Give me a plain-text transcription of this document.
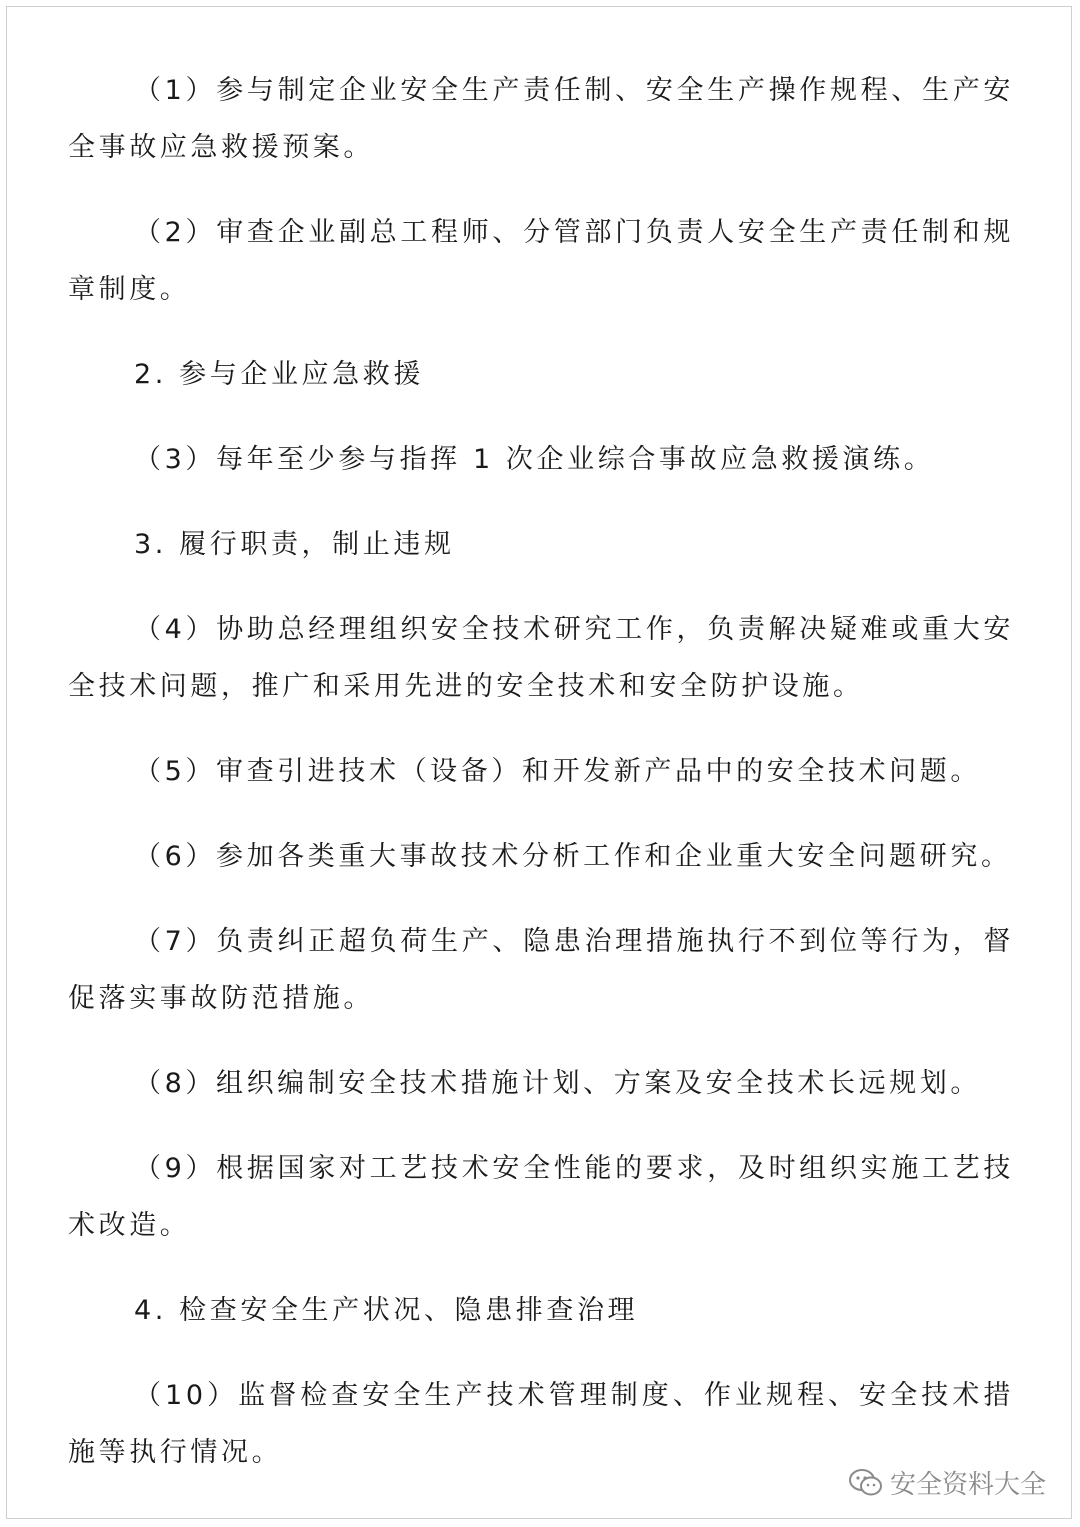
（1）参与制定企业安全生产责任制、安全生产操作规程、生产安全事故应急救援预案。

（2）审查企业副总工程师、分管部门负责人安全生产责任制和规章制度。

2. 参与企业应急救援

（3）每年至少参与指挥 1 次企业综合事故应急救援演练。

3. 履行职责，制止违规

（4）协助总经理组织安全技术研究工作，负责解决疑难或重大安全技术问题，推广和采用先进的安全技术和安全防护设施。

（5）审查引进技术（设备）和开发新产品中的安全技术问题。

（6）参加各类重大事故技术分析工作和企业重大安全问题研究。

（7）负责纠正超负荷生产、隐患治理措施执行不到位等行为，督促落实事故防范措施。

（8）组织编制安全技术措施计划、方案及安全技术长远规划。

（9）根据国家对工艺技术安全性能的要求，及时组织实施工艺技术改造。

4. 检查安全生产状况、隐患排查治理

（10）监督检查安全生产技术管理制度、作业规程、安全技术措施等执行情况。

安全资料大全
